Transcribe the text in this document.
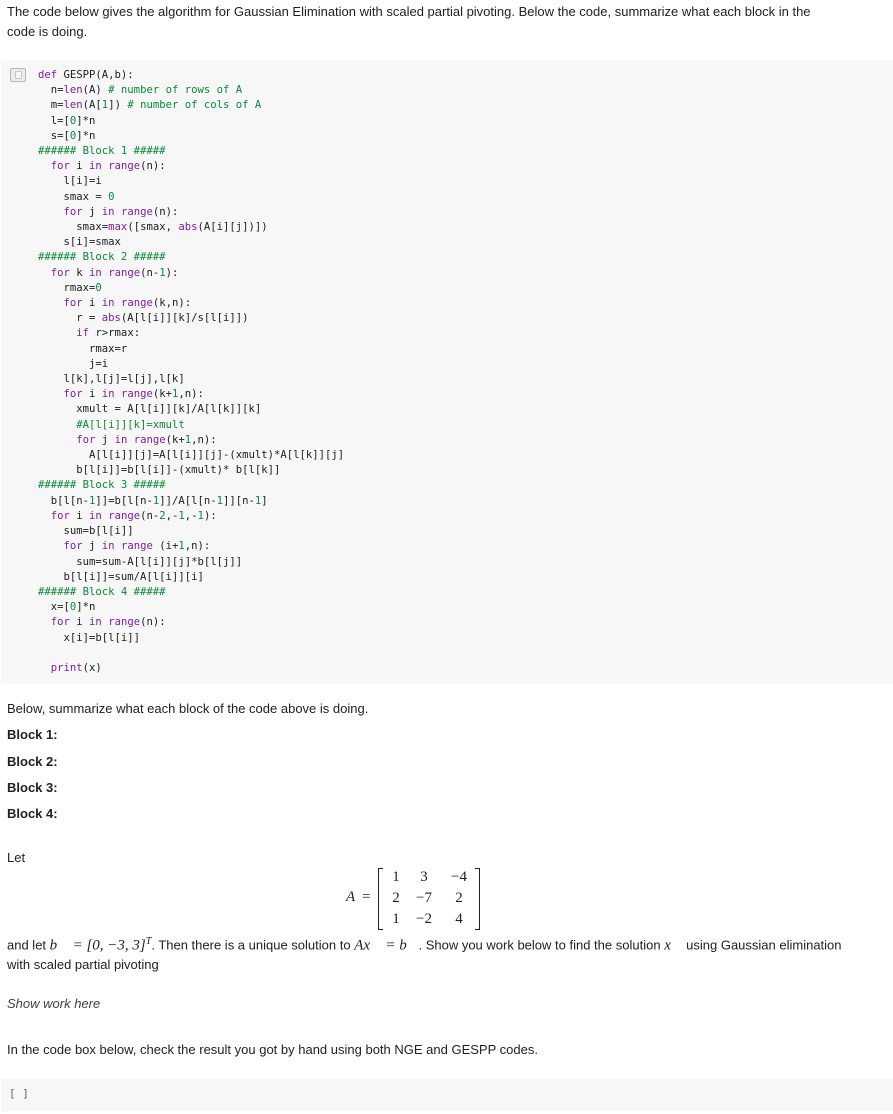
The code below gives the algorithm for Gaussian Elimination with scaled partial pivoting. Below the code, summarize what each block in the
code is doing.
def GESPP(A,b):
n=len(A) # number of rows of A
m=len(A[1]) # number of cols of A
l=[0]*n
s=[0]*n
###### Block 1 #####
for i in range(n):
l[i]=i
smax = 0
for j in range(n):
smax=max([smax, abs(A[i][j])])
s[i]=smax
###### Block 2 #####
for k in range(n-1):
rmax=0
for i in range(k,n):
r = abs(A[l[i]][k]/s[l[i]])
if r>rmax:
rmax=r
j=i
l[k],l[j]=l[j],l[k]
for i in range(k+1,n):
xmult = A[l[i]][k]/A[l[k]][k]
#A[l[i]][k]=xmult
for j in range(k+1,n):
A[l[i]][j]=A[l[i]][j]-(xmult)*A[l[k]][j]
b[l[i]]=b[l[i]]-(xmult)* b[l[k]]
###### Block 3 #####
b[l[n-1]]=b[l[n-1]]/A[l[n-1]][n-1]
for i in range(n-2,-1,-1):
sum=b[l[i]]
for j in range (i+1,n):
sum=sum-A[l[i]][j]*b[l[j]]
b[l[i]]=sum/A[l[i]][i]
###### Block 4 #####
x=[0]*n
for i in range(n):
x[i]=b[l[i]]

print(x)
Below, summarize what each block of the code above is doing.
Block 1:
Block 2:
Block 3:
Block 4:
Let
A =
1	3	−4
2	−7	2
1	−2	4
and let b⃗ = [0, −3, 3]$^T$. Then there is a unique solution to Ax⃗ = b⃗. Show you work below to find the solution x⃗ using Gaussian elimination
with scaled partial pivoting
Show work here
In the code box below, check the result you got by hand using both NGE and GESPP codes.
[ ]
